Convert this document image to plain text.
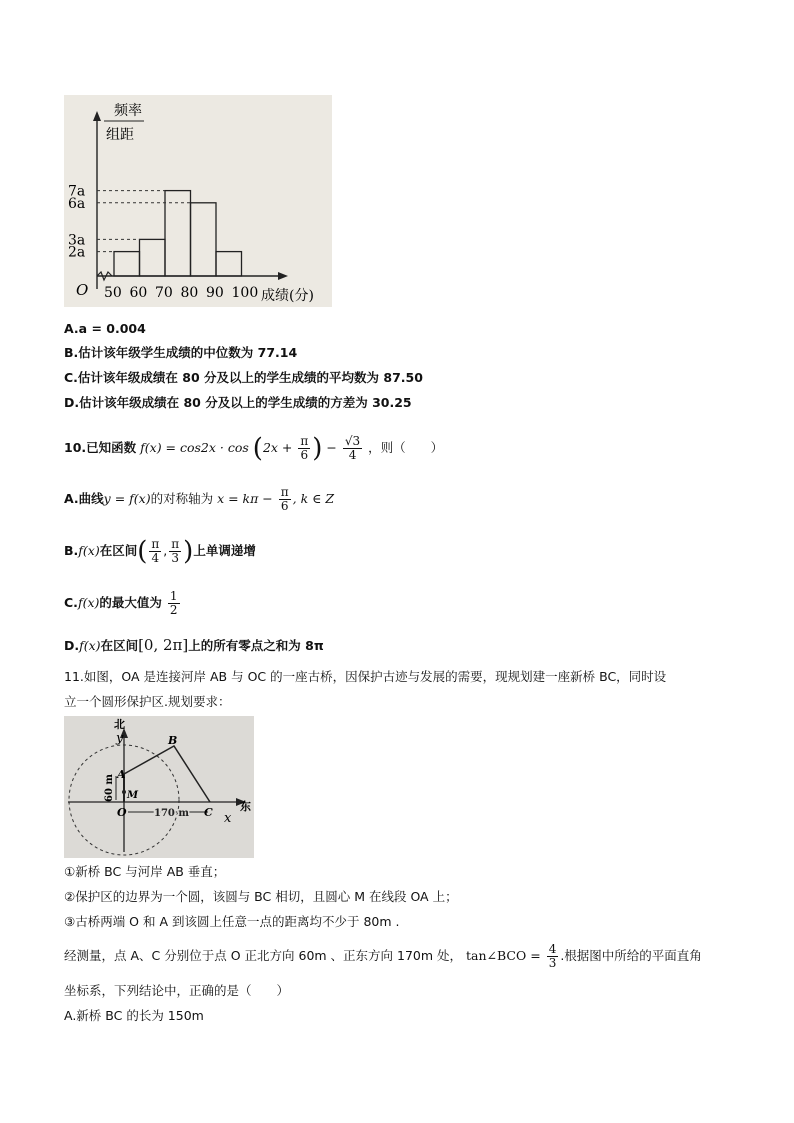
频率
组距
7a
6a
3a
2a
50 60 70 80 90 100
O	成绩(分)
A.a = 0.004
B.估计该年级学生成绩的中位数为 77.14
C.估计该年级成绩在 80 分及以上的学生成绩的平均数为 87.50
D.估计该年级成绩在 80 分及以上的学生成绩的方差为 30.25
10.已知函数 $f(x) = \cos 2x \cdot \cos (2x + \frac{\pi}{6}$ ) − $\frac{√3}{4}$ ，则（　　）
A.曲线y = f(x)的对称轴为 $x = k\pi - \frac{\pi}{6}$ , k ∈ Z
B.f(x)在区间( $\frac{\pi}{4}$ , $\frac{\pi}{3}$ )上单调递增
C.f(x)的最大值为 $\frac{1}{2}$
D.f(x)在区间[0, 2π]上的所有零点之和为 8π
11.如图，OA 是连接河岸 AB 与 OC 的一座古桥，因保护古迹与发展的需要，现规划建一座新桥 BC，同时设
立一个圆形保护区.规划要求：
北
东
y
x
B
A
M
O	C
60 m
170 m
①新桥 BC 与河岸 AB 垂直；
②保护区的边界为一个圆，该圆与 BC 相切，且圆心 M 在线段 OA 上；
③古桥两端 O 和 A 到该圆上任意一点的距离均不少于 80m .
经测量，点 A、C 分别位于点 O 正北方向 60m 、正东方向 170m 处， tan∠BCO = $\frac{4}{3}$ .根据图中所给的平面直角
坐标系，下列结论中，正确的是（　　）
A.新桥 BC 的长为 150m
